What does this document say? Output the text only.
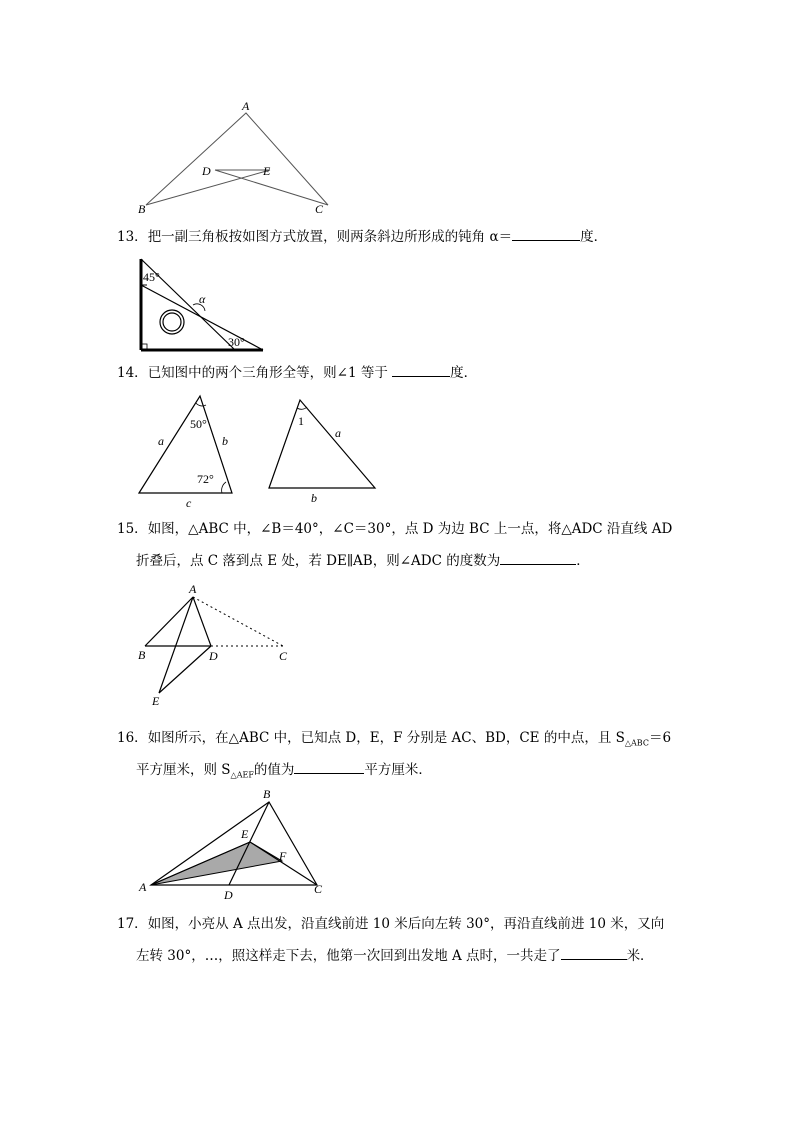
A
B	C
D	E
13．把一副三角板按如图方式放置，则两条斜边所形成的钝角 α＝	度．
45°
30°
α
14．已知图中的两个三角形全等，则∠1 等于	度．
a	b
c
50°
72°
1
a
b
15．如图，△ABC 中，∠B＝40°，∠C＝30°，点 D 为边 BC 上一点，将△ADC 沿直线 AD
折叠后，点 C 落到点 E 处，若 DE∥AB，则∠ADC 的度数为	．
A
B	C
D
E
16．如图所示，在△ABC 中，已知点 D，E，F 分别是 AC、BD，CE 的中点，且 $S_{\triangle ABC}=6$
平方厘米，则 $S_{\triangle AEF}$的值为	平方厘米．
B
A	C
D
E
F
17．如图，小亮从 A 点出发，沿直线前进 10 米后向左转 30°，再沿直线前进 10 米，又向
左转 30°，…，照这样走下去，他第一次回到出发地 A 点时，一共走了	米．
